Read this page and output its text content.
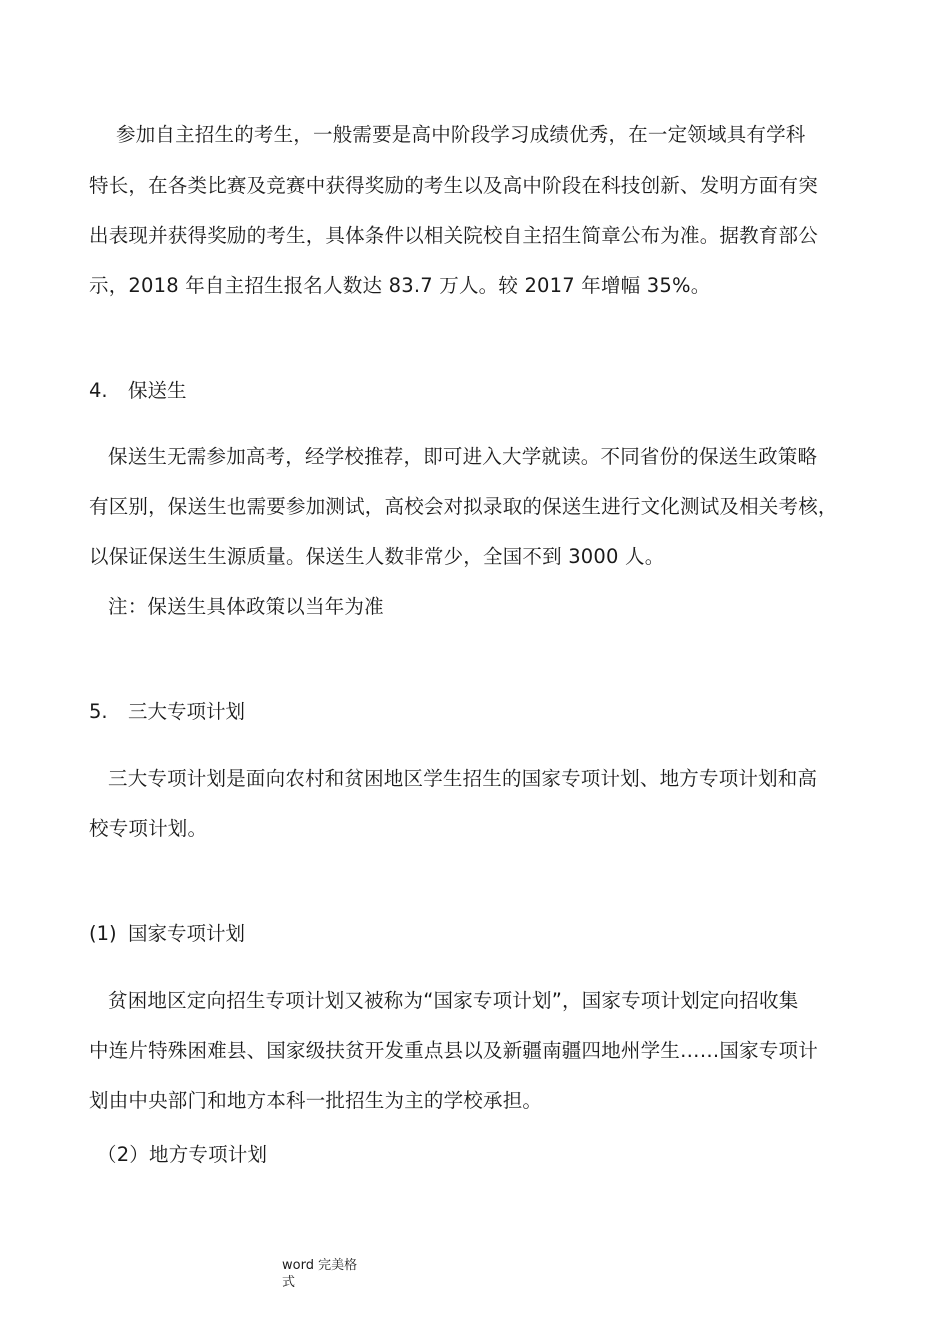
参加自主招生的考生，一般需要是高中阶段学习成绩优秀，在一定领域具有学科
特长，在各类比赛及竞赛中获得奖励的考生以及高中阶段在科技创新、发明方面有突
出表现并获得奖励的考生，具体条件以相关院校自主招生简章公布为准。据教育部公
示，2018 年自主招生报名人数达 83.7 万人。较 2017 年增幅 35%。
4. 保送生
保送生无需参加高考，经学校推荐，即可进入大学就读。不同省份的保送生政策略
有区别，保送生也需要参加测试，高校会对拟录取的保送生进行文化测试及相关考核，
以保证保送生生源质量。保送生人数非常少，全国不到 3000 人。
注：保送生具体政策以当年为准
5. 三大专项计划
三大专项计划是面向农村和贫困地区学生招生的国家专项计划、地方专项计划和高
校专项计划。
(1) 国家专项计划
贫困地区定向招生专项计划又被称为“国家专项计划”，国家专项计划定向招收集
中连片特殊困难县、国家级扶贫开发重点县以及新疆南疆四地州学生……国家专项计
划由中央部门和地方本科一批招生为主的学校承担。
（2）地方专项计划
word 完美格式
